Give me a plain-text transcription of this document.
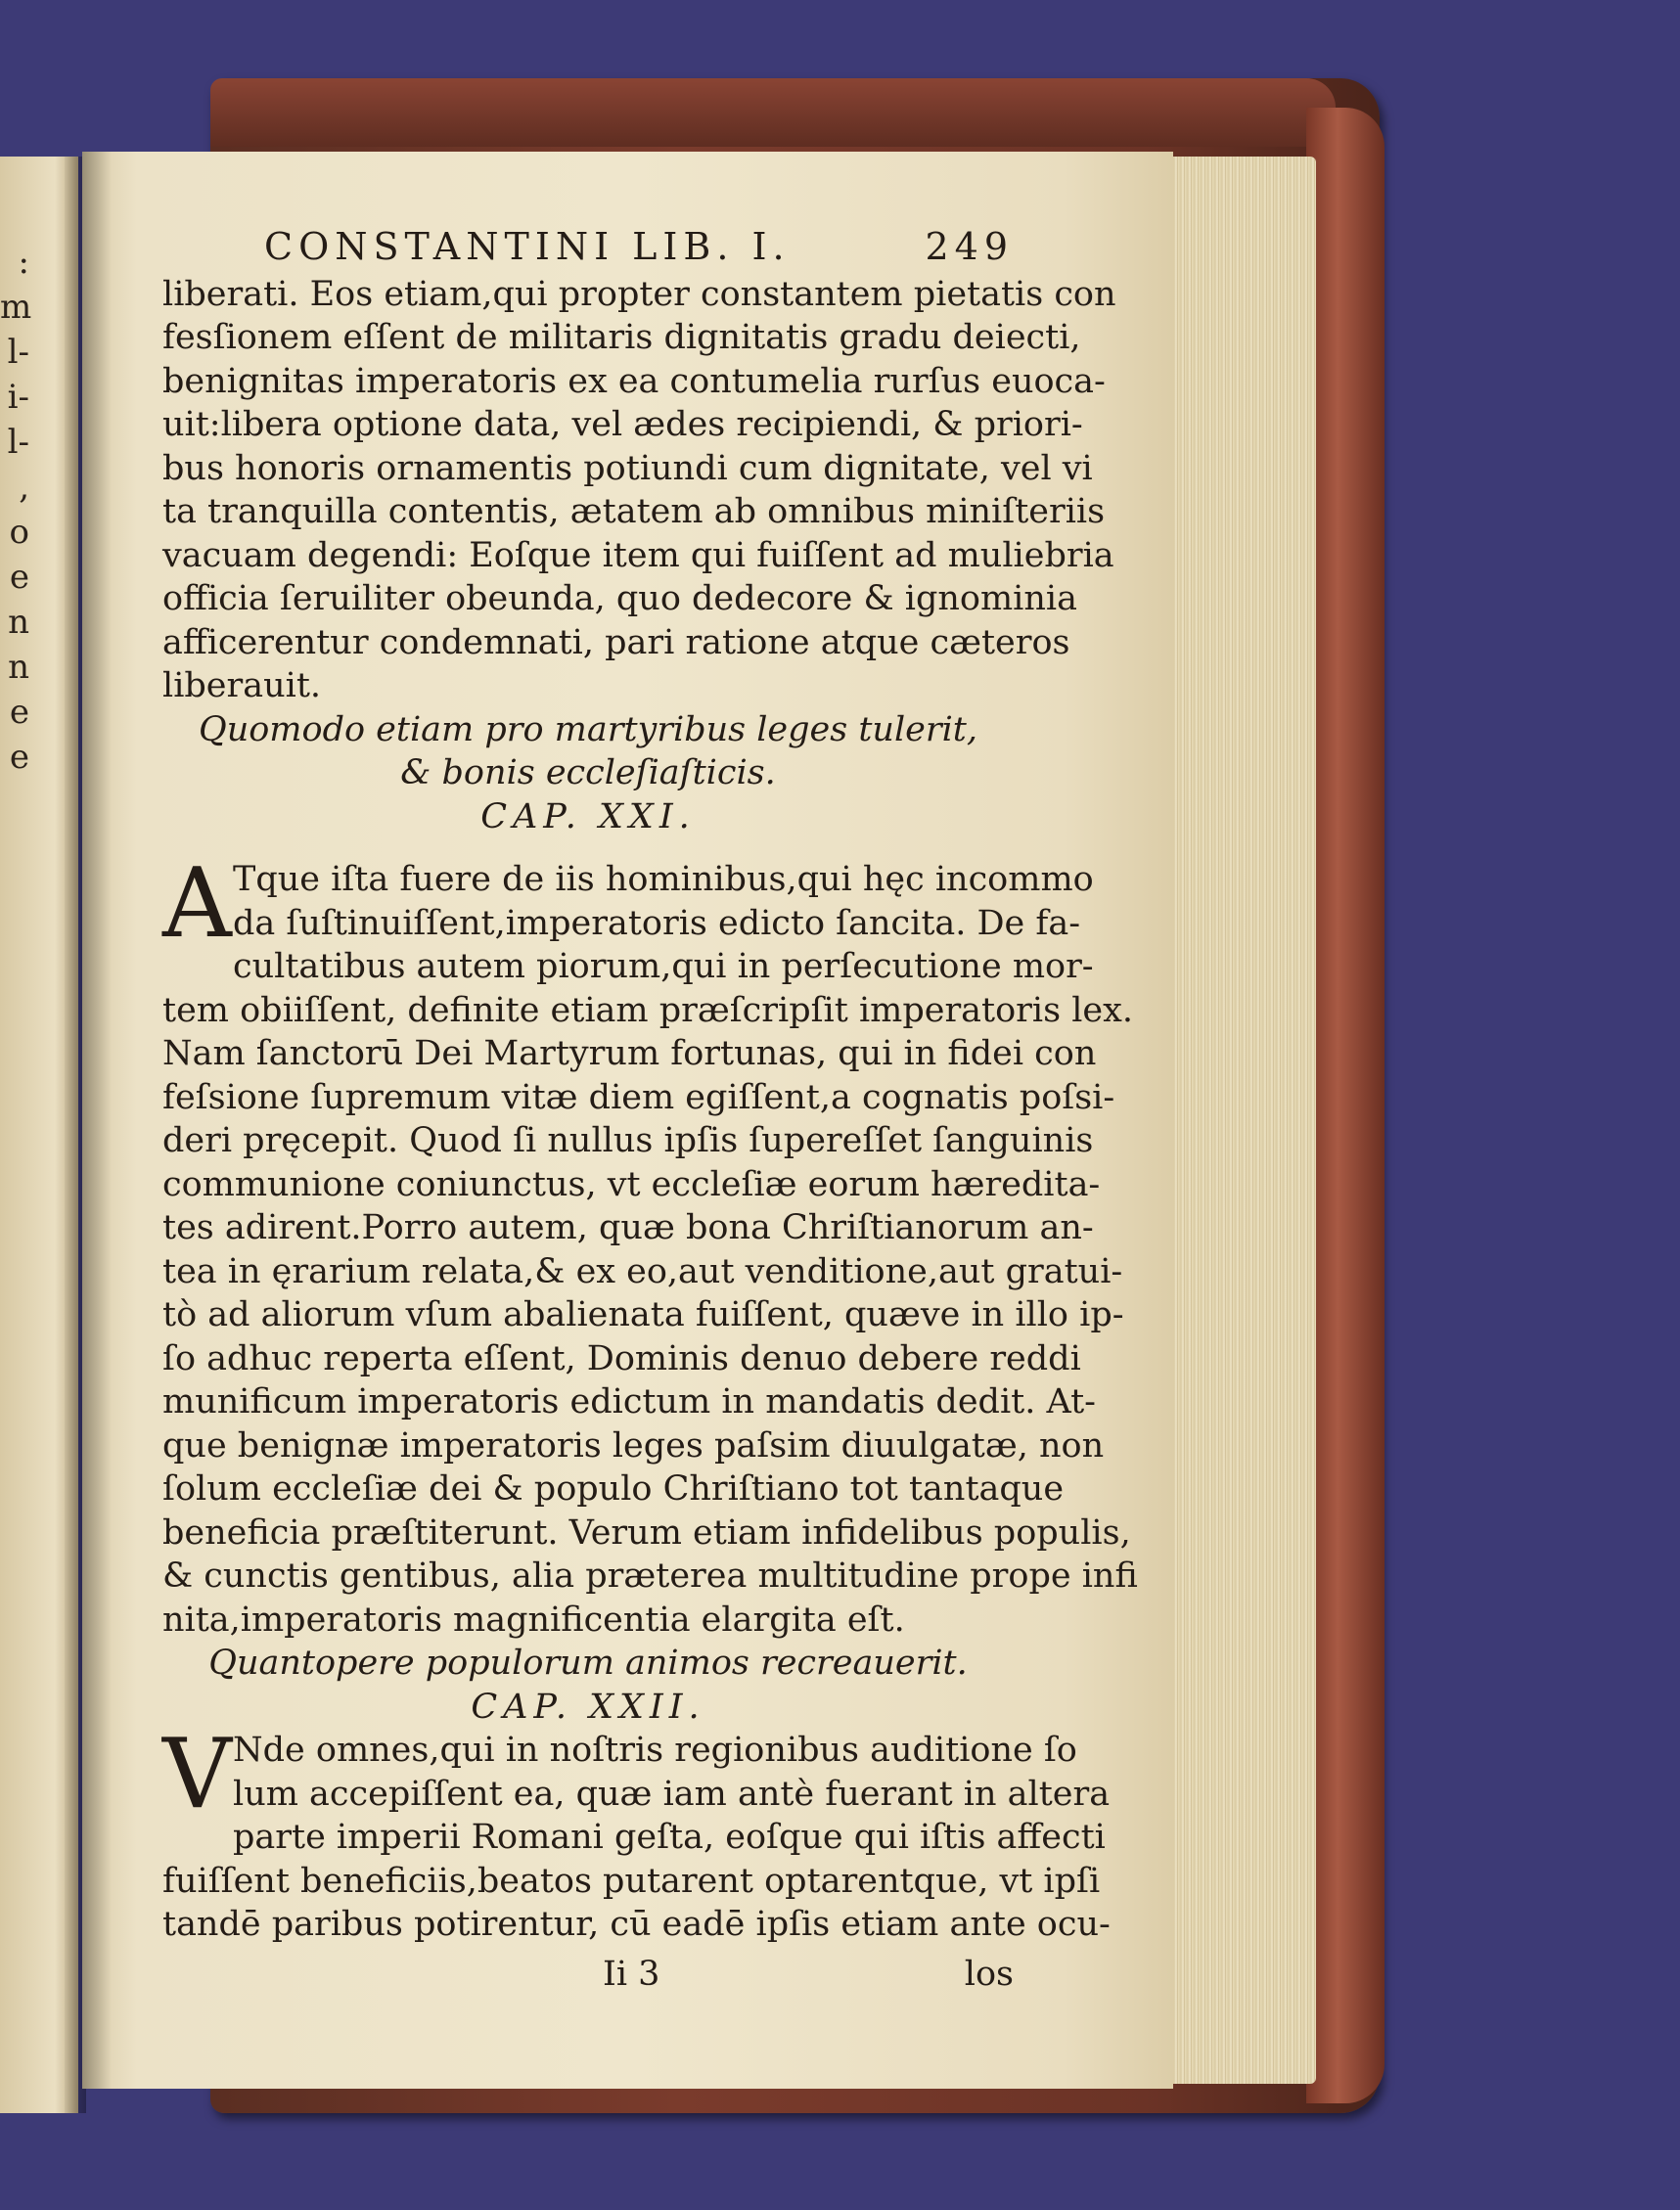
:
m
l-
i-
l-
,
o
e
n
n
e
e
CONSTANTINI LIB. I.	249
liberati. Eos etiam,qui propter constantem pietatis con
fesſionem eſſent de militaris dignitatis gradu deiecti,
benignitas imperatoris ex ea contumelia rurſus euoca-
uit:libera optione data, vel ædes recipiendi, & priori-
bus honoris ornamentis potiundi cum dignitate, vel vi
ta tranquilla contentis, ætatem ab omnibus miniſteriis
vacuam degendi: Eoſque item qui fuiſſent ad muliebria
officia ſeruiliter obeunda, quo dedecore & ignominia
afficerentur condemnati, pari ratione atque cæteros
liberauit.
Quomodo etiam pro martyribus leges tulerit,
& bonis eccleſiaſticis.
CAP. XXI.
A Tque iſta fuere de iis hominibus,qui hęc incommo
da ſuſtinuiſſent,imperatoris edicto ſancita. De fa-
cultatibus autem piorum,qui in perſecutione mor-
tem obiiſſent, definite etiam præſcripſit imperatoris lex.
Nam ſanctorū Dei Martyrum fortunas, qui in fidei con
feſsione ſupremum vitæ diem egiſſent,a cognatis poſsi-
deri pręcepit. Quod ſi nullus ipſis ſupereſſet ſanguinis
communione coniunctus, vt eccleſiæ eorum hæredita-
tes adirent.Porro autem, quæ bona Chriſtianorum an-
tea in ęrarium relata,& ex eo,aut venditione,aut gratui-
tò ad aliorum vſum abalienata fuiſſent, quæve in illo ip-
ſo adhuc reperta eſſent, Dominis denuo debere reddi
munificum imperatoris edictum in mandatis dedit. At-
que benignæ imperatoris leges paſsim diuulgatæ, non
ſolum eccleſiæ dei & populo Chriſtiano tot tantaque
beneficia præſtiterunt. Verum etiam infidelibus populis,
& cunctis gentibus, alia præterea multitudine prope infi
nita,imperatoris magnificentia elargita eſt.
Quantopere populorum animos recreauerit.
CAP. XXII.
V Nde omnes,qui in noſtris regionibus auditione ſo
lum accepiſſent ea, quæ iam antè fuerant in altera
parte imperii Romani geſta, eoſque qui iſtis affecti
fuiſſent beneficiis,beatos putarent optarentque, vt ipſi
tandē paribus potirentur, cū eadē ipſis etiam ante ocu-
Ii 3	los
